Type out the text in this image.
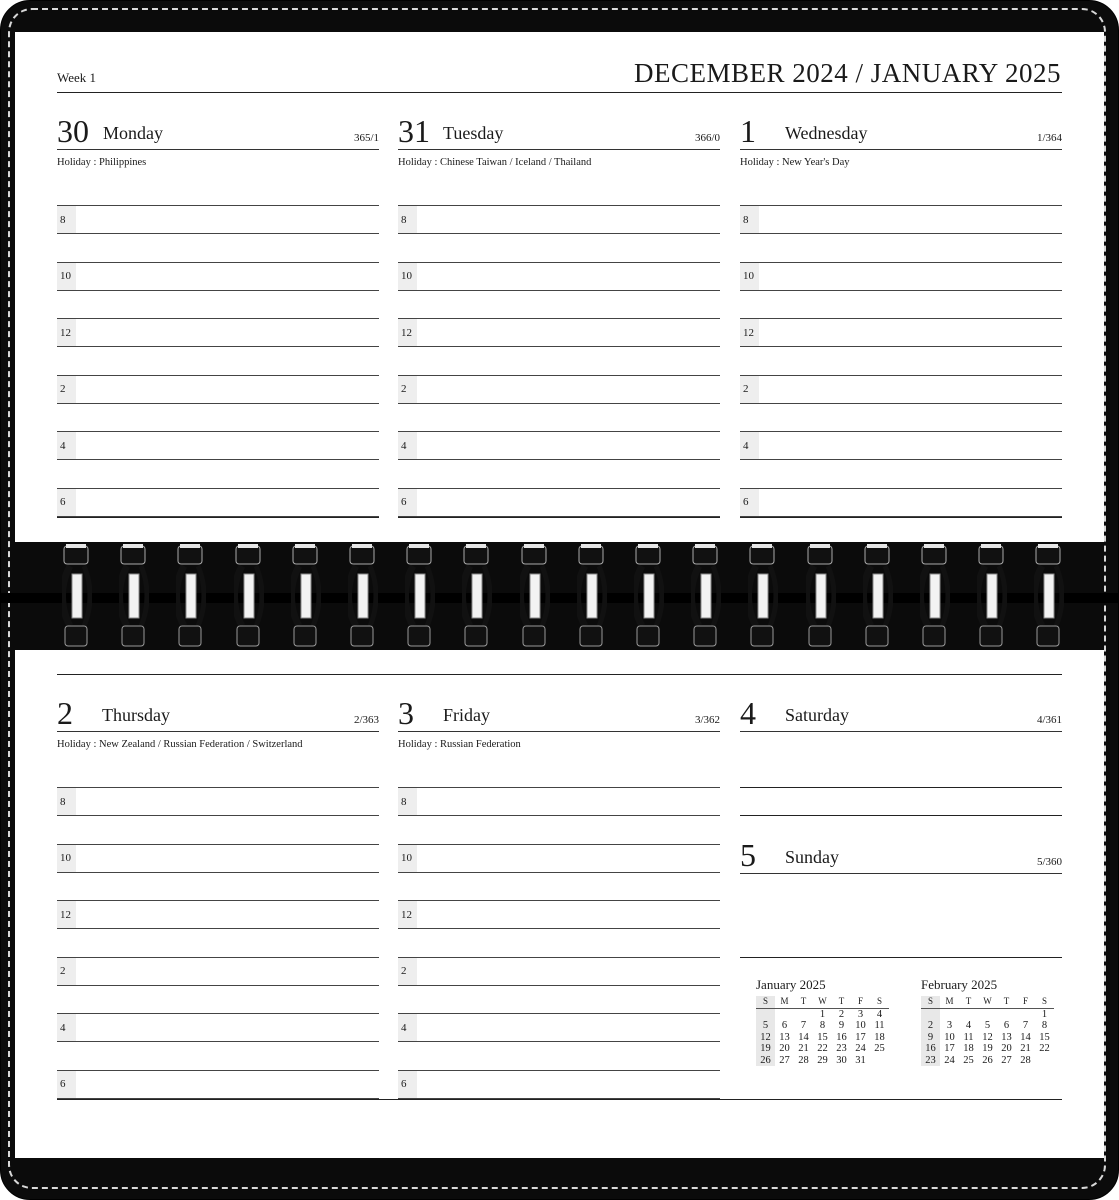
Week 1	DECEMBER 2024 / JANUARY 2025
30 Monday	365/1
Holiday : Philippines
8
10
12
2
4
6
31 Tuesday	366/0
Holiday : Chinese Taiwan / Iceland / Thailand
8
10
12
2
4
6
1 Wednesday	1/364
Holiday : New Year's Day
8
10
12
2
4
6
2 Thursday	2/363
Holiday : New Zealand / Russian Federation / Switzerland
8
10
12
2
4
6
3 Friday	3/362
Holiday : Russian Federation
8
10
12
2
4
6
4 Saturday	4/361
5 Sunday	5/360
January 2025
S	M	T	W	T	F	S
			1	2	3	4
5	6	7	8	9	10	11
12	13	14	15	16	17	18
19	20	21	22	23	24	25
26	27	28	29	30	31	
February 2025
S	M	T	W	T	F	S
						1
2	3	4	5	6	7	8
9	10	11	12	13	14	15
16	17	18	19	20	21	22
23	24	25	26	27	28	
